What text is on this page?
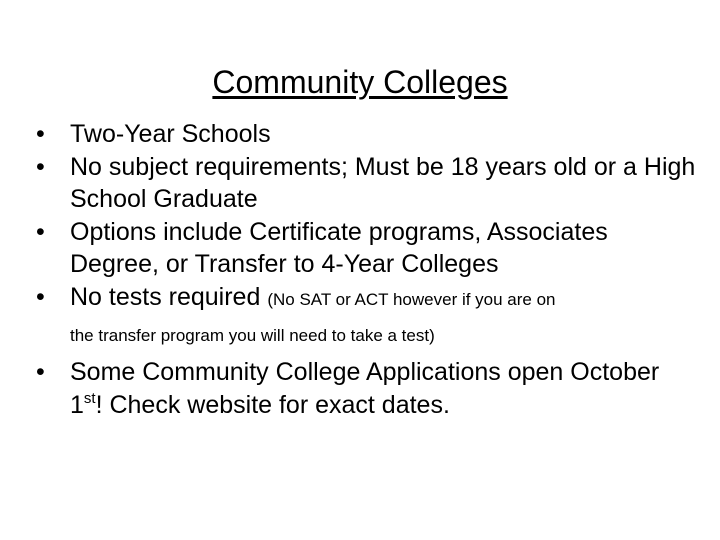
Community Colleges
• Two-Year Schools
• No subject requirements; Must be 18 years old or a High School Graduate
• Options include Certificate programs, Associates Degree, or Transfer to 4-Year Colleges
• No tests required (No SAT or ACT however if you are on
the transfer program you will need to take a test)
• Some Community College Applications open October 1st! Check website for exact dates.
